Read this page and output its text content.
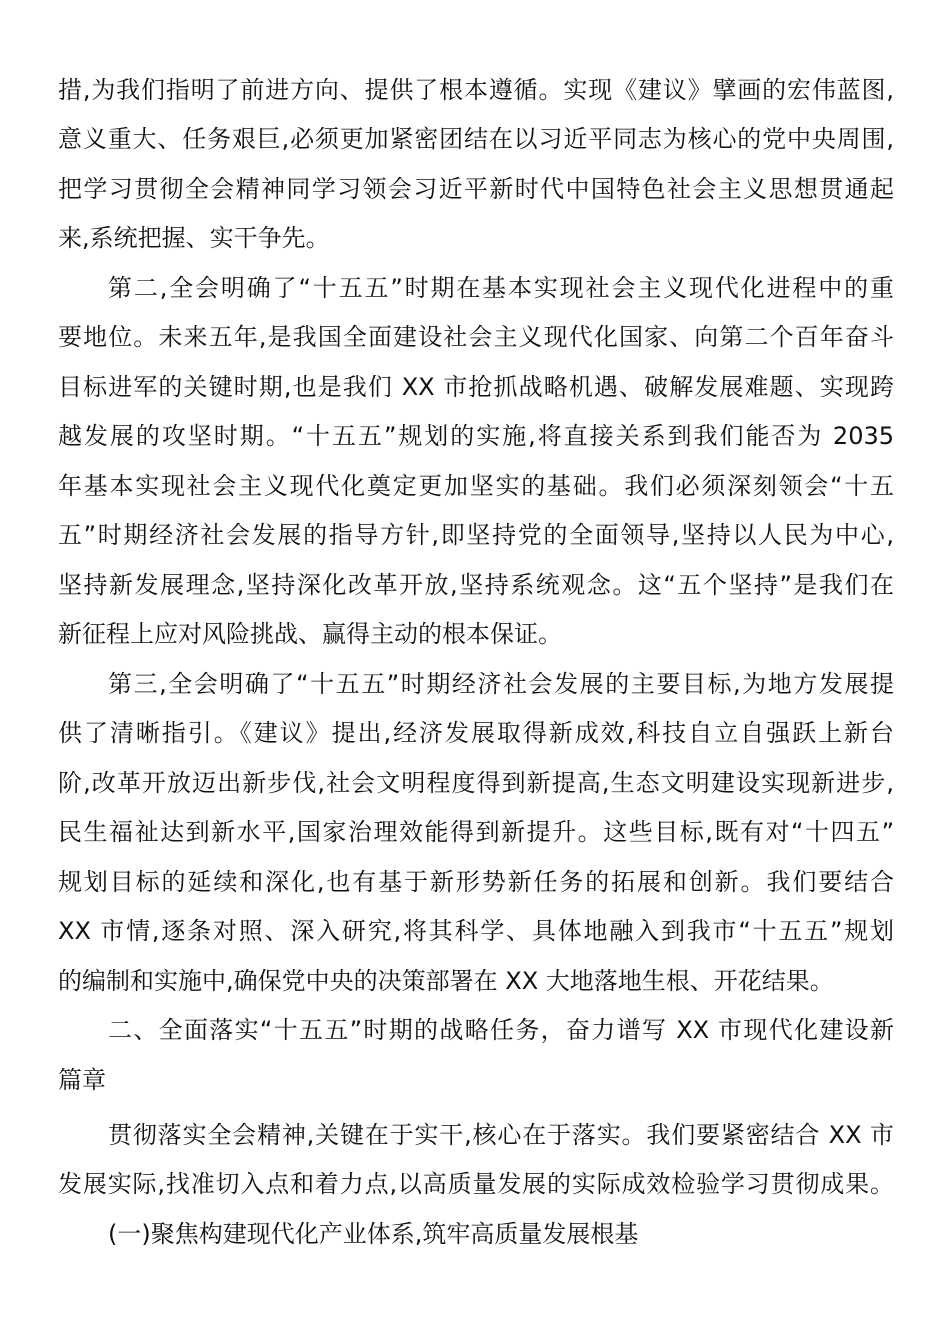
措,为我们指明了前进方向、提供了根本遵循。实现《建议》擘画的宏伟蓝图,
意义重大、任务艰巨,必须更加紧密团结在以习近平同志为核心的党中央周围,
把学习贯彻全会精神同学习领会习近平新时代中国特色社会主义思想贯通起
来,系统把握、实干争先。
第二,全会明确了“十五五”时期在基本实现社会主义现代化进程中的重
要地位。未来五年,是我国全面建设社会主义现代化国家、向第二个百年奋斗
目标进军的关键时期,也是我们 XX 市抢抓战略机遇、破解发展难题、实现跨
越发展的攻坚时期。“十五五”规划的实施,将直接关系到我们能否为 2035
年基本实现社会主义现代化奠定更加坚实的基础。我们必须深刻领会“十五
五”时期经济社会发展的指导方针,即坚持党的全面领导,坚持以人民为中心,
坚持新发展理念,坚持深化改革开放,坚持系统观念。这“五个坚持”是我们在
新征程上应对风险挑战、赢得主动的根本保证。
第三,全会明确了“十五五”时期经济社会发展的主要目标,为地方发展提
供了清晰指引。《建议》提出,经济发展取得新成效,科技自立自强跃上新台
阶,改革开放迈出新步伐,社会文明程度得到新提高,生态文明建设实现新进步,
民生福祉达到新水平,国家治理效能得到新提升。这些目标,既有对“十四五”
规划目标的延续和深化,也有基于新形势新任务的拓展和创新。我们要结合
XX 市情,逐条对照、深入研究,将其科学、具体地融入到我市“十五五”规划
的编制和实施中,确保党中央的决策部署在 XX 大地落地生根、开花结果。
二、全面落实“十五五”时期的战略任务，奋力谱写 XX 市现代化建设新
篇章
贯彻落实全会精神,关键在于实干,核心在于落实。我们要紧密结合 XX 市
发展实际,找准切入点和着力点,以高质量发展的实际成效检验学习贯彻成果。
(一)聚焦构建现代化产业体系,筑牢高质量发展根基
